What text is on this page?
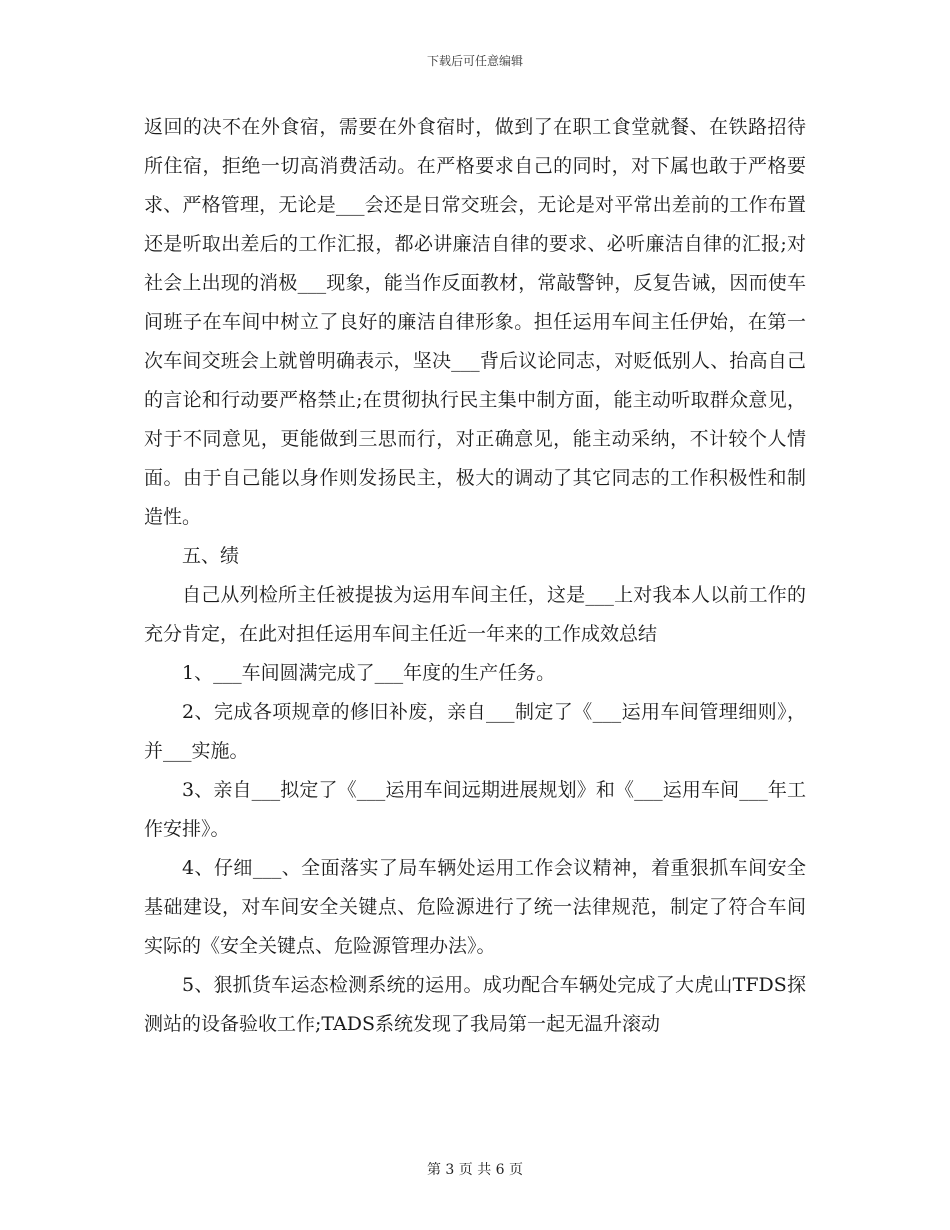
下载后可任意编辑

返回的决不在外食宿，需要在外食宿时，做到了在职工食堂就餐、在铁路招待所住宿，拒绝一切高消费活动。在严格要求自己的同时，对下属也敢于严格要求、严格管理，无论是___会还是日常交班会，无论是对平常出差前的工作布置还是听取出差后的工作汇报，都必讲廉洁自律的要求、必听廉洁自律的汇报;对社会上出现的消极___现象，能当作反面教材，常敲警钟，反复告诫，因而使车间班子在车间中树立了良好的廉洁自律形象。担任运用车间主任伊始，在第一次车间交班会上就曾明确表示，坚决___背后议论同志，对贬低别人、抬高自己的言论和行动要严格禁止;在贯彻执行民主集中制方面，能主动听取群众意见，对于不同意见，更能做到三思而行，对正确意见，能主动采纳，不计较个人情面。由于自己能以身作则发扬民主，极大的调动了其它同志的工作积极性和制造性。

五、绩

自己从列检所主任被提拔为运用车间主任，这是___上对我本人以前工作的充分肯定，在此对担任运用车间主任近一年来的工作成效总结

1、___车间圆满完成了___年度的生产任务。

2、完成各项规章的修旧补废，亲自___制定了《___运用车间管理细则》，并___实施。

3、亲自___拟定了《___运用车间远期进展规划》和《___运用车间___年工作安排》。

4、仔细___、全面落实了局车辆处运用工作会议精神，着重狠抓车间安全基础建设，对车间安全关键点、危险源进行了统一法律规范，制定了符合车间实际的《安全关键点、危险源管理办法》。

5、狠抓货车运态检测系统的运用。成功配合车辆处完成了大虎山TFDS探测站的设备验收工作;TADS系统发现了我局第一起无温升滚动

第 3 页 共 6 页
